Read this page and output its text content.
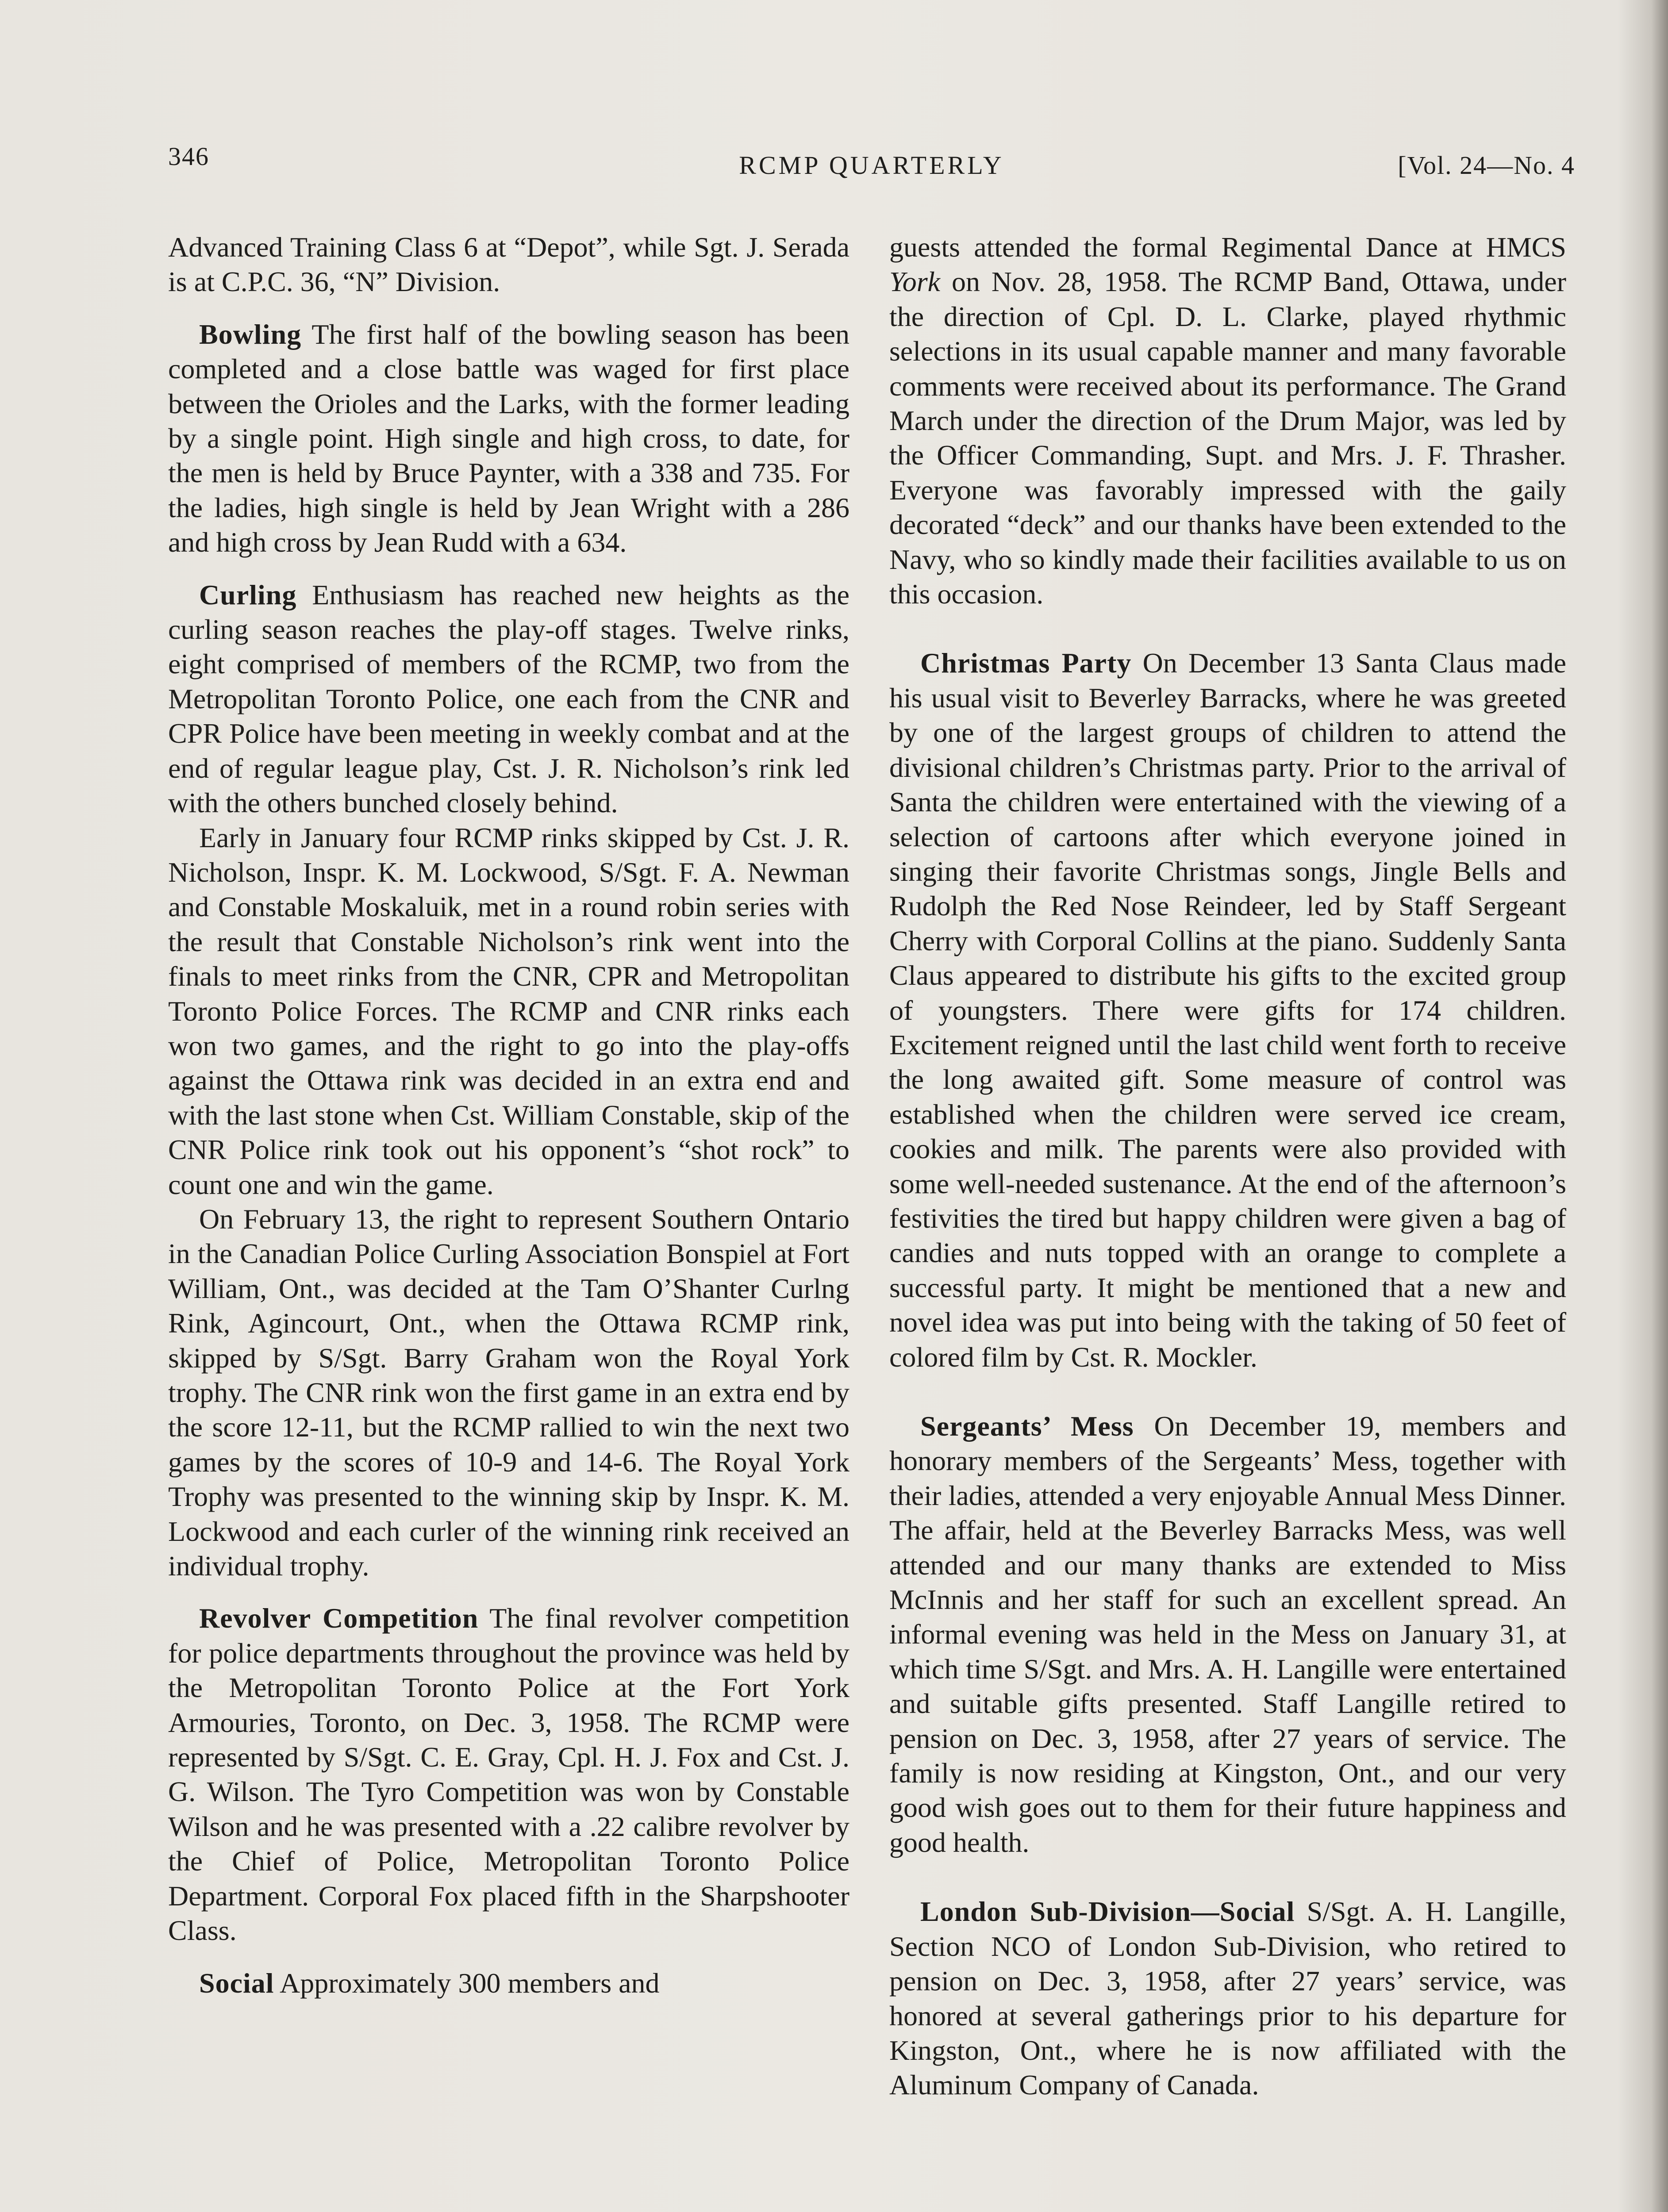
346	RCMP QUARTERLY	[Vol. 24—No. 4

Advanced Training Class 6 at “Depot”, while Sgt. J. Serada is at C.P.C. 36, “N” Division.

Bowling The first half of the bowling season has been completed and a close battle was waged for first place between the Orioles and the Larks, with the former leading by a single point. High single and high cross, to date, for the men is held by Bruce Paynter, with a 338 and 735. For the ladies, high single is held by Jean Wright with a 286 and high cross by Jean Rudd with a 634.

Curling Enthusiasm has reached new heights as the curling season reaches the play-off stages. Twelve rinks, eight comprised of members of the RCMP, two from the Metropolitan Toronto Police, one each from the CNR and CPR Police have been meeting in weekly combat and at the end of regular league play, Cst. J. R. Nicholson’s rink led with the others bunched closely behind.

Early in January four RCMP rinks skipped by Cst. J. R. Nicholson, Inspr. K. M. Lockwood, S/Sgt. F. A. Newman and Constable Moskaluik, met in a round robin series with the result that Constable Nicholson’s rink went into the finals to meet rinks from the CNR, CPR and Metropolitan Toronto Police Forces. The RCMP and CNR rinks each won two games, and the right to go into the play-offs against the Ottawa rink was decided in an extra end and with the last stone when Cst. William Constable, skip of the CNR Police rink took out his opponent’s “shot rock” to count one and win the game.

On February 13, the right to represent Southern Ontario in the Canadian Police Curling Association Bonspiel at Fort William, Ont., was decided at the Tam O’Shanter Curlng Rink, Agincourt, Ont., when the Ottawa RCMP rink, skipped by S/Sgt. Barry Graham won the Royal York trophy. The CNR rink won the first game in an extra end by the score 12-11, but the RCMP rallied to win the next two games by the scores of 10-9 and 14-6. The Royal York Trophy was presented to the winning skip by Inspr. K. M. Lockwood and each curler of the winning rink received an individual trophy.

Revolver Competition The final revolver competition for police departments throughout the province was held by the Metropolitan Toronto Police at the Fort York Armouries, Toronto, on Dec. 3, 1958. The RCMP were represented by S/Sgt. C. E. Gray, Cpl. H. J. Fox and Cst. J. G. Wilson. The Tyro Competition was won by Constable Wilson and he was presented with a .22 calibre revolver by the Chief of Police, Metropolitan Toronto Police Department. Corporal Fox placed fifth in the Sharpshooter Class.

Social Approximately 300 members and

guests attended the formal Regimental Dance at HMCS York on Nov. 28, 1958. The RCMP Band, Ottawa, under the direction of Cpl. D. L. Clarke, played rhythmic selections in its usual capable manner and many favorable comments were received about its performance. The Grand March under the direction of the Drum Major, was led by the Officer Commanding, Supt. and Mrs. J. F. Thrasher. Everyone was favorably impressed with the gaily decorated “deck” and our thanks have been extended to the Navy, who so kindly made their facilities available to us on this occasion.

Christmas Party On December 13 Santa Claus made his usual visit to Beverley Barracks, where he was greeted by one of the largest groups of children to attend the divisional children’s Christmas party. Prior to the arrival of Santa the children were entertained with the viewing of a selection of cartoons after which everyone joined in singing their favorite Christmas songs, Jingle Bells and Rudolph the Red Nose Reindeer, led by Staff Sergeant Cherry with Corporal Collins at the piano. Suddenly Santa Claus appeared to distribute his gifts to the excited group of youngsters. There were gifts for 174 children. Excitement reigned until the last child went forth to receive the long awaited gift. Some measure of control was established when the children were served ice cream, cookies and milk. The parents were also provided with some well-needed sustenance. At the end of the afternoon’s festivities the tired but happy children were given a bag of candies and nuts topped with an orange to complete a successful party. It might be mentioned that a new and novel idea was put into being with the taking of 50 feet of colored film by Cst. R. Mockler.

Sergeants’ Mess On December 19, members and honorary members of the Sergeants’ Mess, together with their ladies, attended a very enjoyable Annual Mess Dinner. The affair, held at the Beverley Barracks Mess, was well attended and our many thanks are extended to Miss McInnis and her staff for such an excellent spread. An informal evening was held in the Mess on January 31, at which time S/Sgt. and Mrs. A. H. Langille were entertained and suitable gifts presented. Staff Langille retired to pension on Dec. 3, 1958, after 27 years of service. The family is now residing at Kingston, Ont., and our very good wish goes out to them for their future happiness and good health.

London Sub-Division—Social S/Sgt. A. H. Langille, Section NCO of London Sub-Division, who retired to pension on Dec. 3, 1958, after 27 years’ service, was honored at several gatherings prior to his departure for Kingston, Ont., where he is now affiliated with the Aluminum Company of Canada.
